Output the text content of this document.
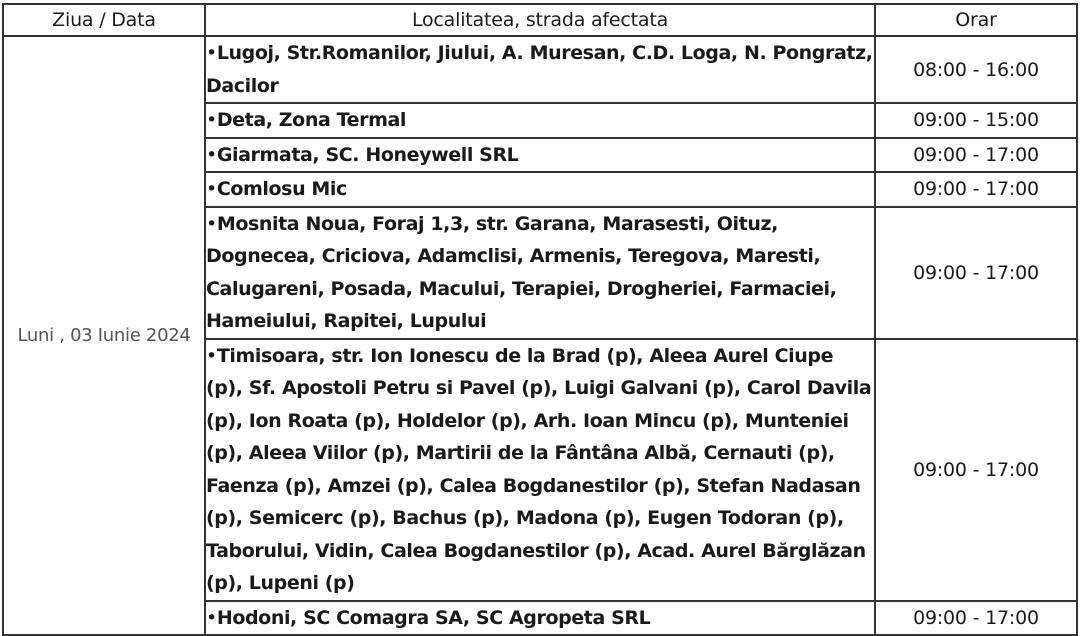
Ziua / Data	Localitatea, strada afectata	Orar
Luni , 03 Iunie 2024	•Lugoj, Str.Romanilor, Jiului, A. Muresan, C.D. Loga, N. Pongratz, Dacilor	08:00 - 16:00
	•Deta, Zona Termal	09:00 - 15:00
	•Giarmata, SC. Honeywell SRL	09:00 - 17:00
	•Comlosu Mic	09:00 - 17:00
	•Mosnita Noua, Foraj 1,3, str. Garana, Marasesti, Oituz, Dognecea, Criciova, Adamclisi, Armenis, Teregova, Maresti, Calugareni, Posada, Macului, Terapiei, Drogheriei, Farmaciei, Hameiului, Rapitei, Lupului	09:00 - 17:00
	•Timisoara, str. Ion Ionescu de la Brad (p), Aleea Aurel Ciupe (p), Sf. Apostoli Petru si Pavel (p), Luigi Galvani (p), Carol Davila (p), Ion Roata (p), Holdelor (p), Arh. Ioan Mincu (p), Munteniei (p), Aleea Viilor (p), Martirii de la Fântâna Albă, Cernauti (p), Faenza (p), Amzei (p), Calea Bogdanestilor (p), Stefan Nadasan (p), Semicerc (p), Bachus (p), Madona (p), Eugen Todoran (p), Taborului, Vidin, Calea Bogdanestilor (p), Acad. Aurel Bărglăzan (p), Lupeni (p)	09:00 - 17:00
	•Hodoni, SC Comagra SA, SC Agropeta SRL	09:00 - 17:00
